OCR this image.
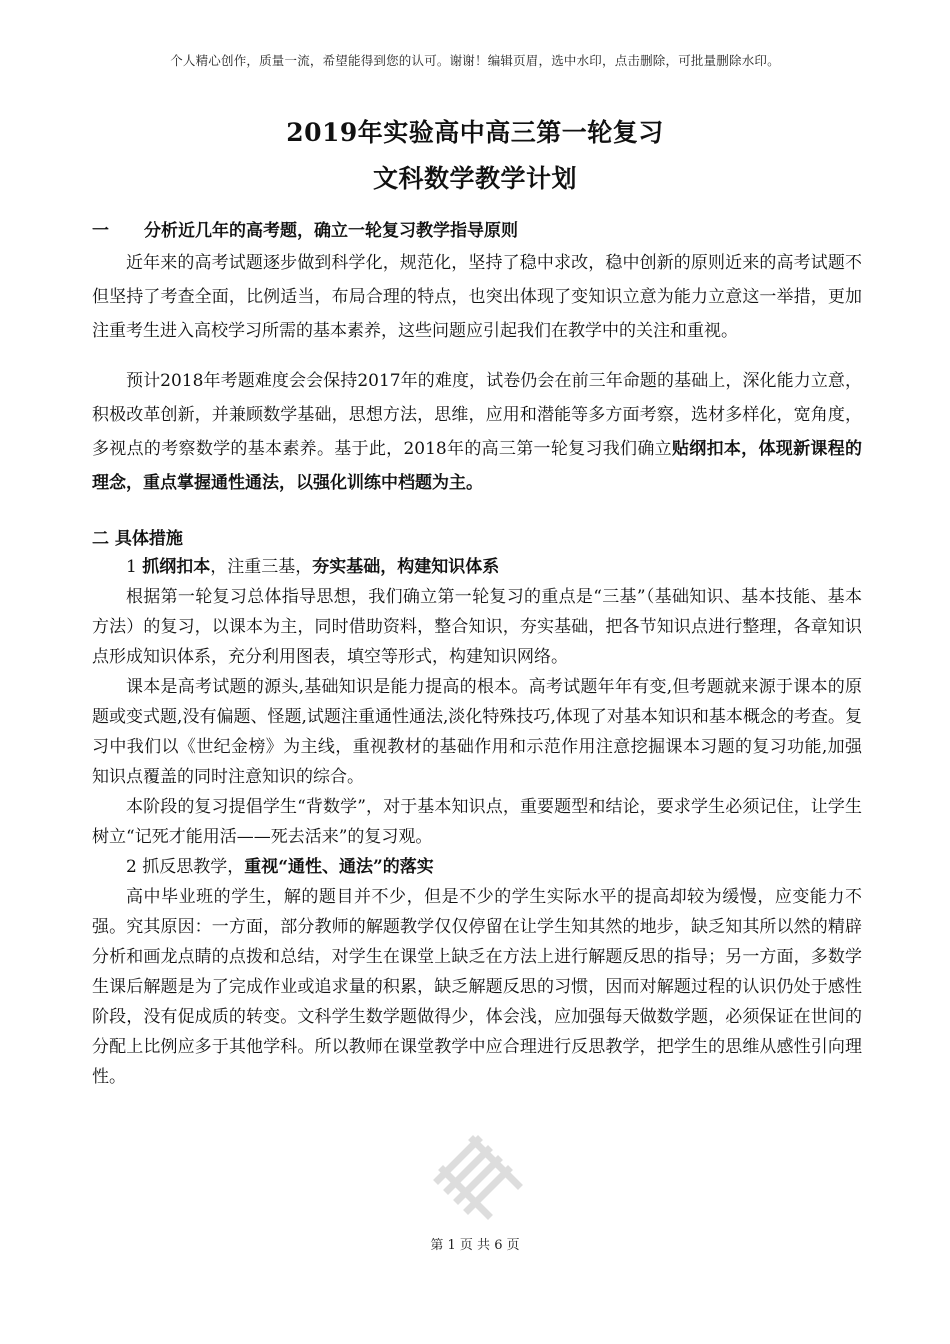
个人精心创作，质量一流，希望能得到您的认可。谢谢！编辑页眉，选中水印，点击删除，可批量删除水印。
2019年实验高中高三第一轮复习
文科数学教学计划

一 分析近几年的高考题，确立一轮复习教学指导原则

近年来的高考试题逐步做到科学化，规范化，坚持了稳中求改，稳中创新的原则近来的高考试题不但坚持了考查全面，比例适当，布局合理的特点，也突出体现了变知识立意为能力立意这一举措，更加注重考生进入高校学习所需的基本素养，这些问题应引起我们在教学中的关注和重视。

预计2018年考题难度会会保持2017年的难度，试卷仍会在前三年命题的基础上，深化能力立意，积极改革创新，并兼顾数学基础，思想方法，思维，应用和潜能等多方面考察，选材多样化，宽角度，多视点的考察数学的基本素养。基于此，2018年的高三第一轮复习我们确立贴纲扣本，体现新课程的理念，重点掌握通性通法，以强化训练中档题为主。

二 具体措施

1 抓纲扣本，注重三基，夯实基础，构建知识体系

根据第一轮复习总体指导思想，我们确立第一轮复习的重点是“三基”（基础知识、基本技能、基本方法）的复习，以课本为主，同时借助资料，整合知识，夯实基础，把各节知识点进行整理，各章知识点形成知识体系，充分利用图表，填空等形式，构建知识网络。

课本是高考试题的源头,基础知识是能力提高的根本。高考试题年年有变,但考题就来源于课本的原题或变式题,没有偏题、怪题,试题注重通性通法,淡化特殊技巧,体现了对基本知识和基本概念的考查。复习中我们以《世纪金榜》为主线，重视教材的基础作用和示范作用注意挖掘课本习题的复习功能,加强知识点覆盖的同时注意知识的综合。

本阶段的复习提倡学生“背数学”，对于基本知识点，重要题型和结论，要求学生必须记住，让学生树立“记死才能用活——死去活来”的复习观。

2 抓反思教学，重视“通性、通法”的落实

高中毕业班的学生，解的题目并不少，但是不少的学生实际水平的提高却较为缓慢，应变能力不强。究其原因：一方面，部分教师的解题教学仅仅停留在让学生知其然的地步，缺乏知其所以然的精辟分析和画龙点睛的点拨和总结，对学生在课堂上缺乏在方法上进行解题反思的指导；另一方面，多数学生课后解题是为了完成作业或追求量的积累，缺乏解题反思的习惯，因而对解题过程的认识仍处于感性阶段，没有促成质的转变。文科学生数学题做得少，体会浅，应加强每天做数学题，必须保证在世间的分配上比例应多于其他学科。所以教师在课堂教学中应合理进行反思教学，把学生的思维从感性引向理性。

第 1 页 共 6 页
